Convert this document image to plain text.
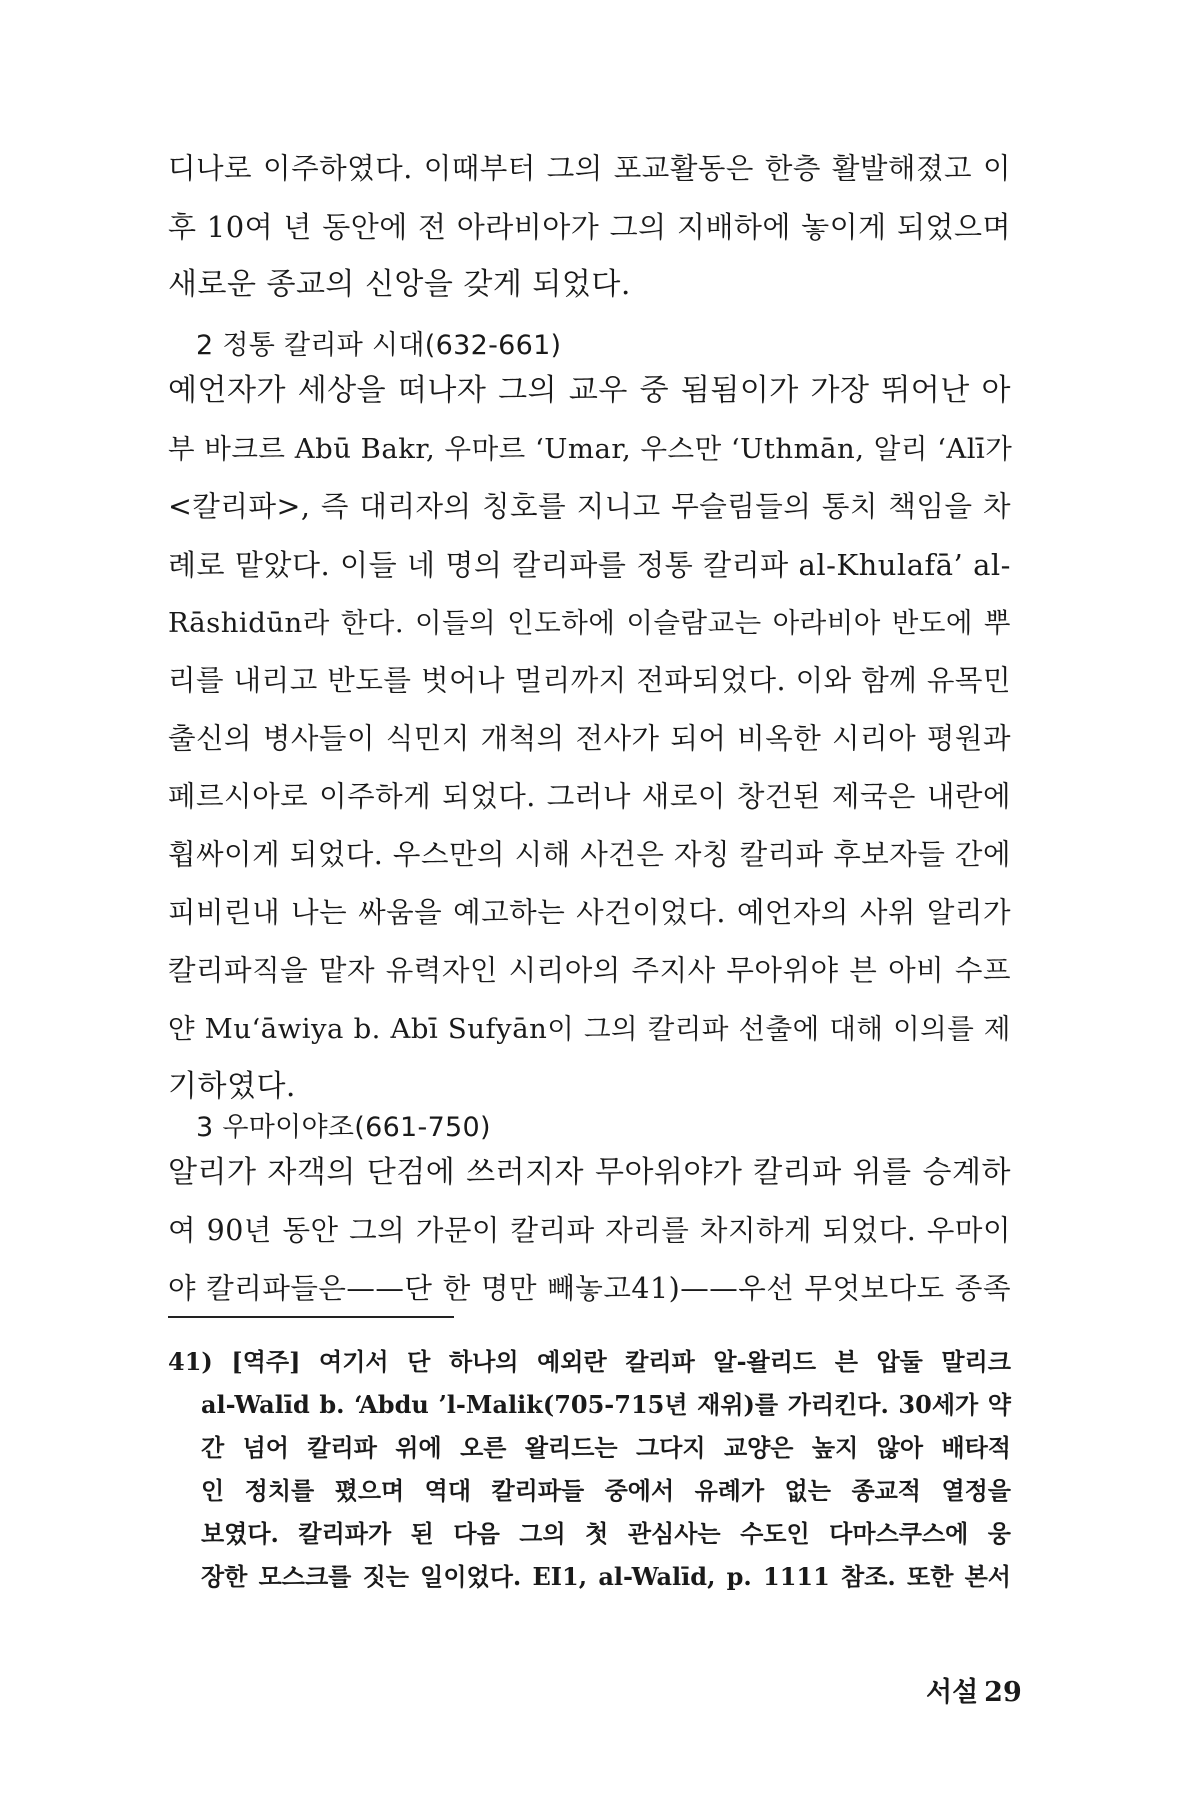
디나로 이주하였다. 이때부터 그의 포교활동은 한층 활발해졌고 이
후 10여 년 동안에 전 아라비아가 그의 지배하에 놓이게 되었으며
새로운 종교의 신앙을 갖게 되었다.
2 정통 칼리파 시대(632-661)
예언자가 세상을 떠나자 그의 교우 중 됨됨이가 가장 뛰어난 아
부 바크르 Abū Bakr, 우마르 ‘Umar, 우스만 ‘Uthmān, 알리 ‘Alī가
<칼리파>, 즉 대리자의 칭호를 지니고 무슬림들의 통치 책임을 차
례로 맡았다. 이들 네 명의 칼리파를 정통 칼리파 al-Khulafā’ al-
Rāshidūn라 한다. 이들의 인도하에 이슬람교는 아라비아 반도에 뿌
리를 내리고 반도를 벗어나 멀리까지 전파되었다. 이와 함께 유목민
출신의 병사들이 식민지 개척의 전사가 되어 비옥한 시리아 평원과
페르시아로 이주하게 되었다. 그러나 새로이 창건된 제국은 내란에
휩싸이게 되었다. 우스만의 시해 사건은 자칭 칼리파 후보자들 간에
피비린내 나는 싸움을 예고하는 사건이었다. 예언자의 사위 알리가
칼리파직을 맡자 유력자인 시리아의 주지사 무아위야 븐 아비 수프
얀 Mu‘āwiya b. Abī Sufyān이 그의 칼리파 선출에 대해 이의를 제
기하였다.
3 우마이야조(661-750)
알리가 자객의 단검에 쓰러지자 무아위야가 칼리파 위를 승계하
여 90년 동안 그의 가문이 칼리파 자리를 차지하게 되었다. 우마이
야 칼리파들은——단 한 명만 빼놓고41)——우선 무엇보다도 종족
41) [역주] 여기서 단 하나의 예외란 칼리파 알-왈리드 븐 압둘 말리크
al-Walīd b. ‘Abdu ’l-Malik(705-715년 재위)를 가리킨다. 30세가 약
간 넘어 칼리파 위에 오른 왈리드는 그다지 교양은 높지 않아 배타적
인 정치를 폈으며 역대 칼리파들 중에서 유례가 없는 종교적 열정을
보였다. 칼리파가 된 다음 그의 첫 관심사는 수도인 다마스쿠스에 웅
장한 모스크를 짓는 일이었다. EI1, al-Walīd, p. 1111 참조. 또한 본서
서설 29
